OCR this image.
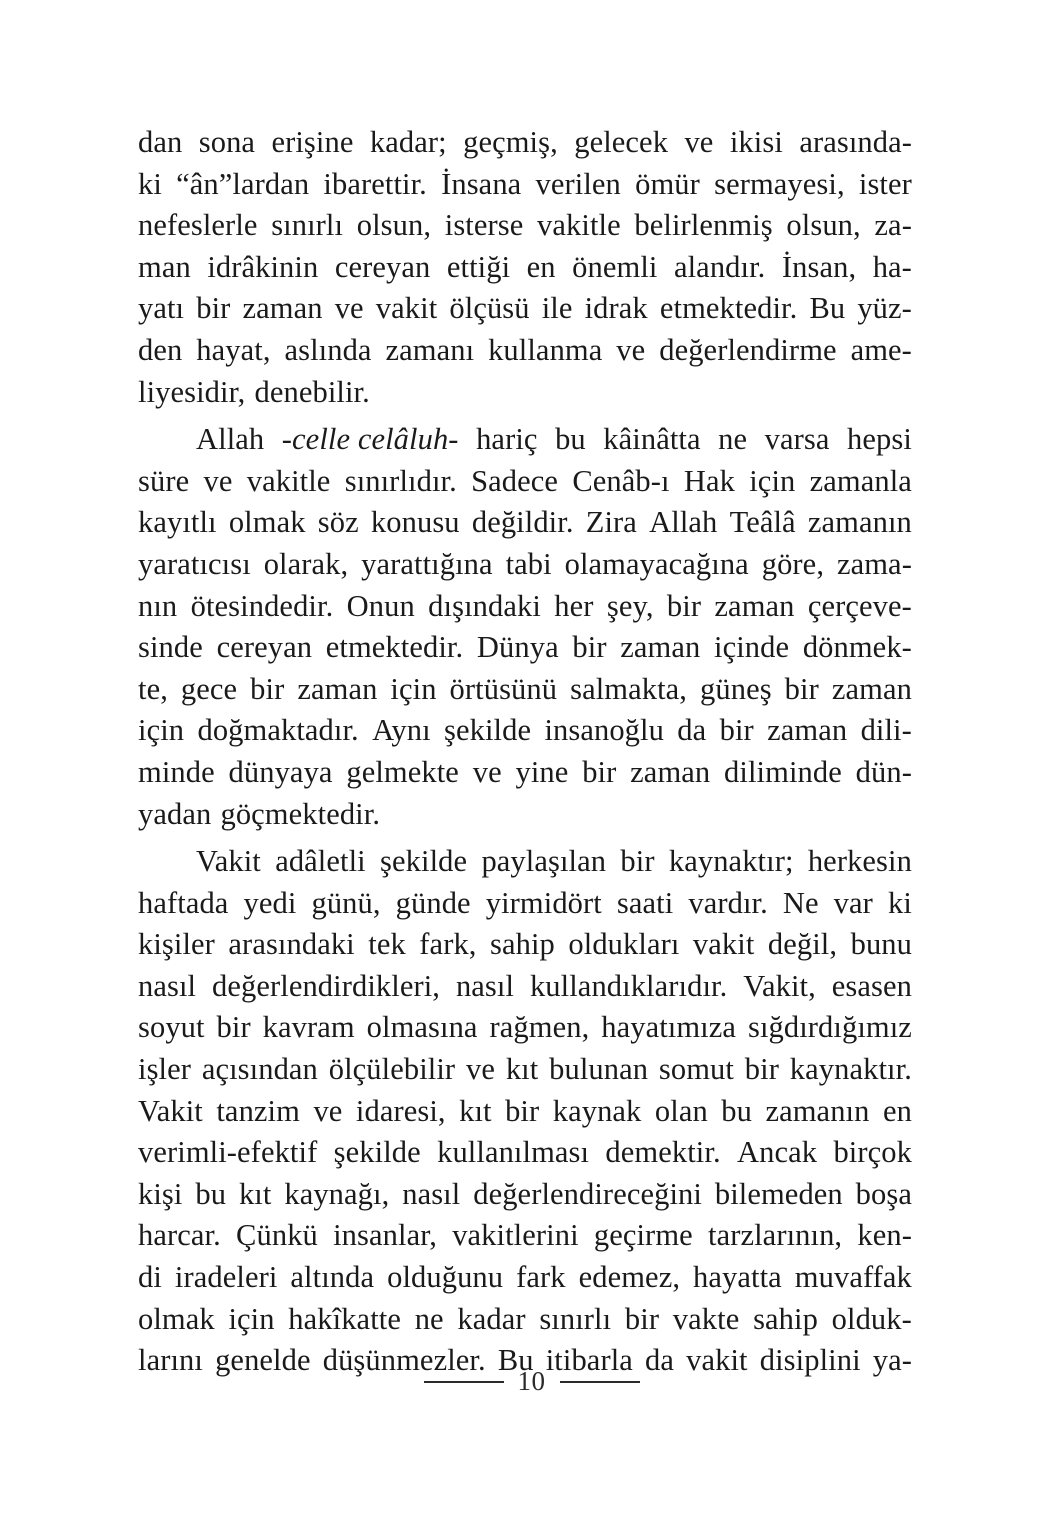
dan sona erişine kadar; geçmiş, gelecek ve ikisi arasında-
ki “ân”lardan ibarettir. İnsana verilen ömür sermayesi, ister
nefeslerle sınırlı olsun, isterse vakitle belirlenmiş olsun, za-
man idrâkinin cereyan ettiği en önemli alandır. İnsan, ha-
yatı bir zaman ve vakit ölçüsü ile idrak etmektedir. Bu yüz-
den hayat, aslında zamanı kullanma ve değerlendirme ame-
liyesidir, denebilir.
Allah -celle celâluh- hariç bu kâinâtta ne varsa hepsi
süre ve vakitle sınırlıdır. Sadece Cenâb-ı Hak için zamanla
kayıtlı olmak söz konusu değildir. Zira Allah Teâlâ zamanın
yaratıcısı olarak, yarattığına tabi olamayacağına göre, zama-
nın ötesindedir. Onun dışındaki her şey, bir zaman çerçeve-
sinde cereyan etmektedir. Dünya bir zaman içinde dönmek-
te, gece bir zaman için örtüsünü salmakta, güneş bir zaman
için doğmaktadır. Aynı şekilde insanoğlu da bir zaman dili-
minde dünyaya gelmekte ve yine bir zaman diliminde dün-
yadan göçmektedir.
Vakit adâletli şekilde paylaşılan bir kaynaktır; herkesin
haftada yedi günü, günde yirmidört saati vardır. Ne var ki
kişiler arasındaki tek fark, sahip oldukları vakit değil, bunu
nasıl değerlendirdikleri, nasıl kullandıklarıdır. Vakit, esasen
soyut bir kavram olmasına rağmen, hayatımıza sığdırdığımız
işler açısından ölçülebilir ve kıt bulunan somut bir kaynaktır.
Vakit tanzim ve idaresi, kıt bir kaynak olan bu zamanın en
verimli-efektif şekilde kullanılması demektir. Ancak birçok
kişi bu kıt kaynağı, nasıl değerlendireceğini bilemeden boşa
harcar. Çünkü insanlar, vakitlerini geçirme tarzlarının, ken-
di iradeleri altında olduğunu fark edemez, hayatta muvaffak
olmak için hakîkatte ne kadar sınırlı bir vakte sahip olduk-
larını genelde düşünmezler. Bu itibarla da vakit disiplini ya-
10
